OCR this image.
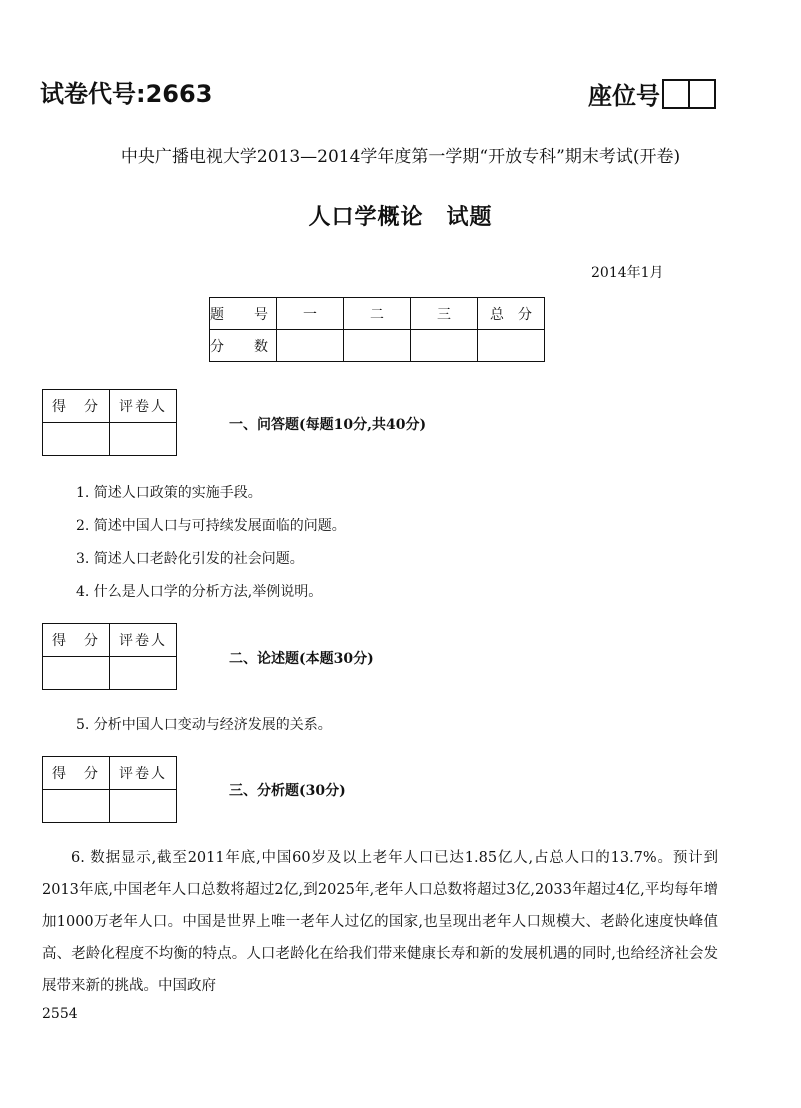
试卷代号:2663	座位号
中央广播电视大学2013—2014学年度第一学期“开放专科”期末考试(开卷)
人口学概论　试题
2014年1月
题　号	一	二	三	总　分
分　数				
得　分	评卷人

一、问答题(每题10分,共40分)
1. 简述人口政策的实施手段。
2. 简述中国人口与可持续发展面临的问题。
3. 简述人口老龄化引发的社会问题。
4. 什么是人口学的分析方法,举例说明。
得　分	评卷人

二、论述题(本题30分)
5. 分析中国人口变动与经济发展的关系。
得　分	评卷人

三、分析题(30分)

6. 数据显示,截至2011年底,中国60岁及以上老年人口已达1.85亿人,占总人口的13.7%。预计到2013年底,中国老年人口总数将超过2亿,到2025年,老年人口总数将超过3亿,2033年超过4亿,平均每年增加1000万老年人口。中国是世界上唯一老年人过亿的国家,也呈现出老年人口规模大、老龄化速度快峰值高、老龄化程度不均衡的特点。人口老龄化在给我们带来健康长寿和新的发展机遇的同时,也给经济社会发展带来新的挑战。中国政府

2554
